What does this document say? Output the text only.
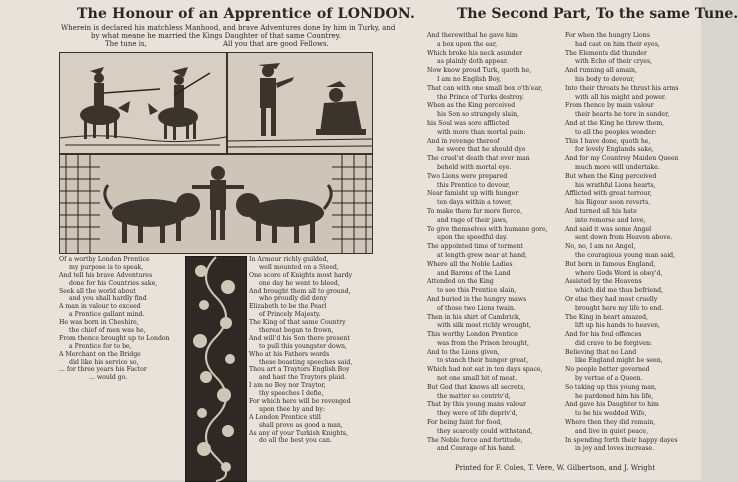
The Honour of an Apprentice of LONDON.
Wherein is declared his matchless Manhood, and brave Adventures done by him in Turky, and
by what meane he married the Kings Daughter of that same Countrey.
The tune is,	All you that are good Fellows.
Of a worthy London Prentice
my purpose is to speak,
And tell his brave Adventures
done for his Countries sake,
Seek all the world about
and you shall hardly find
A man in valour to exceed
a Prentice gallant mind.
He was born in Cheshire,
the chief of men was he,
From thence brought up to London
a Prentice for to be,
A Merchant on the Bridge
did like his service so,
... for three years his Factor
... would go.
In Armour richly guilded,
well mounted on a Steed,
One score of Knights most hardy
one day he went to bleed,
And brought them all to ground,
who proudly did deny
Elizabeth to be the Pearl
of Princely Majesty.
The King of that same Country
thereat began to frown,
And will'd his Son there present
to pull this youngster down,
Who at his Fathers words
these boasting speeches said,
Thou art a Traytors English Boy
and hast the Traytors plaid.
I am no Boy nor Traytor,
thy speeches I defie,
For which here will be revenged
upon thee by and by:
A London Prentice still
shall prove as good a man,
As any of your Turkish Knights,
do all the best you can.
The Second Part, To the same Tune.
And therewithal he gave him
a box upon the ear,
Which broke his neck asunder
as plainly doth appear.
Now know proud Turk, quoth he,
I am no English Boy,
That can with one small box o'th'ear,
the Prince of Turks destroy.
When as the King perceived
his Son so strangely slain,
his Soul was sore afflicted
with more than mortal pain:
And in revenge thereof
he swore that he should dye
The cruel'st death that ever man
beheld with mortal eye.
Two Lions were prepared
this Prentice to devour,
Near famisht up with hunger
ten days within a tower,
To make them far more fierce,
and rage of their jaws,
To give themselves with humane gore,
upon the speedful day.
The appointed time of torment
at length grew near at hand,
Where all the Noble Ladies
and Barons of the Land
Attended on the King
to see this Prentice slain,
And buried in the hungry maws
of those two Lions twain.
Then in his shirt of Cambrick,
with silk most richly wrought,
This worthy London Prentice
was from the Prison brought,
And to the Lions given,
to stanch their hunger great,
Which had not eat in ten days space,
not one small bit of meat.
But God that knows all secrets,
the matter so contriv'd,
That by this young mans valour
they were of life depriv'd,
For being faint for food,
they scarcely could withstand,
The Noble force and fortitude,
and Courage of his hand.
For when the hungry Lions
had cast on him their eyes,
The Elements did thunder
with Echo of their cryes,
And running all amain,
his body to devour,
Into their throats he thrust his arms
with all his might and power.
From thence by main valour
their hearts he tore in sunder,
And at the King he threw them,
to all the peoples wonder:
This I have done, quoth he,
for lovely Englands sake,
And for my Countrey Maiden Queen
much more will undertake.
But when the King perceived
his wrathful Lions hearts,
Afflicted with great terrour,
his Rigour soon reverts,
And turned all his hate
into remorse and love,
And said it was some Angel
sent down from Heaven above.
No, no, I am no Angel,
the couragious young man said,
But born in famous England,
where Gods Word is obey'd,
Assisted by the Heavens
which did me thus befriend,
Or else they had most cruelly
brought here my life to end.
The King in heart amazed,
lift up his hands to heaven,
And for his foul offences
did crave to be forgiven:
Believing that no Land
like England might be seen,
No people better governed
by vertue of a Queen.
So taking up this young man,
he pardoned him his life,
And gave his Daughter to him
to be his wedded Wife,
Where then they did remain,
and live in quiet peace,
In spending forth their happy dayes
in joy and loves increase.
Printed for F. Coles, T. Vere, W. Gilbertson, and J. Wright
